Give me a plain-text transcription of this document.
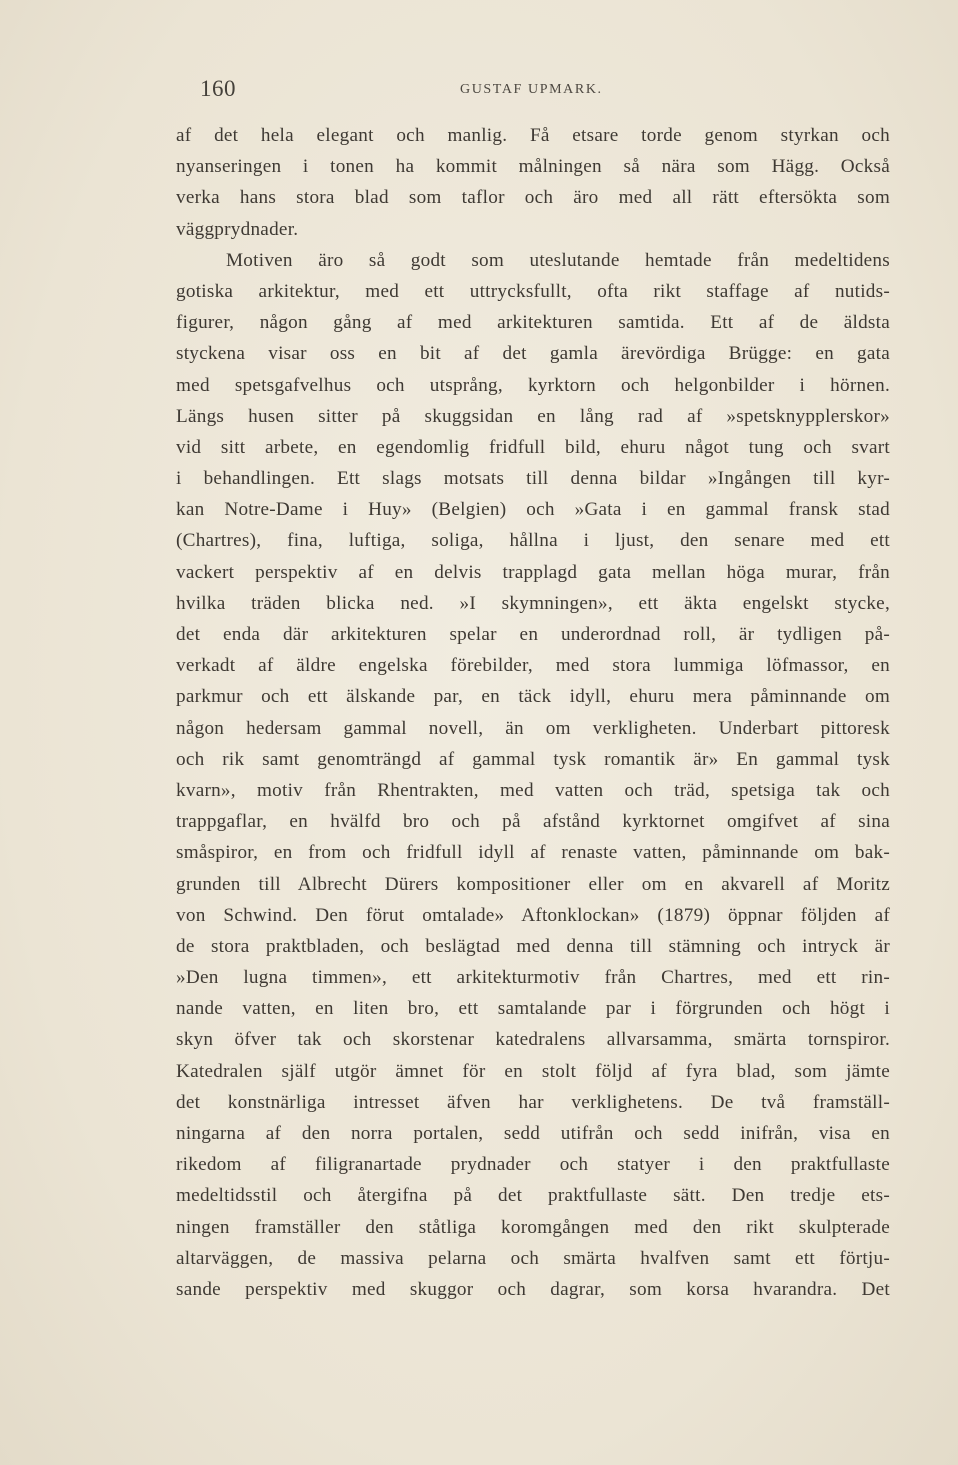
160	GUSTAF UPMARK.
af det hela elegant och manlig. Få etsare torde genom styrkan och
nyanseringen i tonen ha kommit målningen så nära som Hägg. Också
verka hans stora blad som taflor och äro med all rätt eftersökta som
väggprydnader.
Motiven äro så godt som uteslutande hemtade från medeltidens
gotiska arkitektur, med ett uttrycksfullt, ofta rikt staffage af nutids-
figurer, någon gång af med arkitekturen samtida. Ett af de äldsta
styckena visar oss en bit af det gamla ärevördiga Brügge: en gata
med spetsgafvelhus och utsprång, kyrktorn och helgonbilder i hörnen.
Längs husen sitter på skuggsidan en lång rad af »spetsknypplerskor»
vid sitt arbete, en egendomlig fridfull bild, ehuru något tung och svart
i behandlingen. Ett slags motsats till denna bildar »Ingången till kyr-
kan Notre-Dame i Huy» (Belgien) och »Gata i en gammal fransk stad
(Chartres), fina, luftiga, soliga, hållna i ljust, den senare med ett
vackert perspektiv af en delvis trapplagd gata mellan höga murar, från
hvilka träden blicka ned. »I skymningen», ett äkta engelskt stycke,
det enda där arkitekturen spelar en underordnad roll, är tydligen på-
verkadt af äldre engelska förebilder, med stora lummiga löfmassor, en
parkmur och ett älskande par, en täck idyll, ehuru mera påminnande om
någon hedersam gammal novell, än om verkligheten. Underbart pittoresk
och rik samt genomträngd af gammal tysk romantik är» En gammal tysk
kvarn», motiv från Rhentrakten, med vatten och träd, spetsiga tak och
trappgaflar, en hvälfd bro och på afstånd kyrktornet omgifvet af sina
småspiror, en from och fridfull idyll af renaste vatten, påminnande om bak-
grunden till Albrecht Dürers kompositioner eller om en akvarell af Moritz
von Schwind. Den förut omtalade» Aftonklockan» (1879) öppnar följden af
de stora praktbladen, och beslägtad med denna till stämning och intryck är
»Den lugna timmen», ett arkitekturmotiv från Chartres, med ett rin-
nande vatten, en liten bro, ett samtalande par i förgrunden och högt i
skyn öfver tak och skorstenar katedralens allvarsamma, smärta tornspiror.
Katedralen själf utgör ämnet för en stolt följd af fyra blad, som jämte
det konstnärliga intresset äfven har verklighetens. De två framställ-
ningarna af den norra portalen, sedd utifrån och sedd inifrån, visa en
rikedom af filigranartade prydnader och statyer i den praktfullaste
medeltidsstil och återgifna på det praktfullaste sätt. Den tredje ets-
ningen framställer den ståtliga koromgången med den rikt skulpterade
altarväggen, de massiva pelarna och smärta hvalfven samt ett förtju-
sande perspektiv med skuggor och dagrar, som korsa hvarandra. Det
